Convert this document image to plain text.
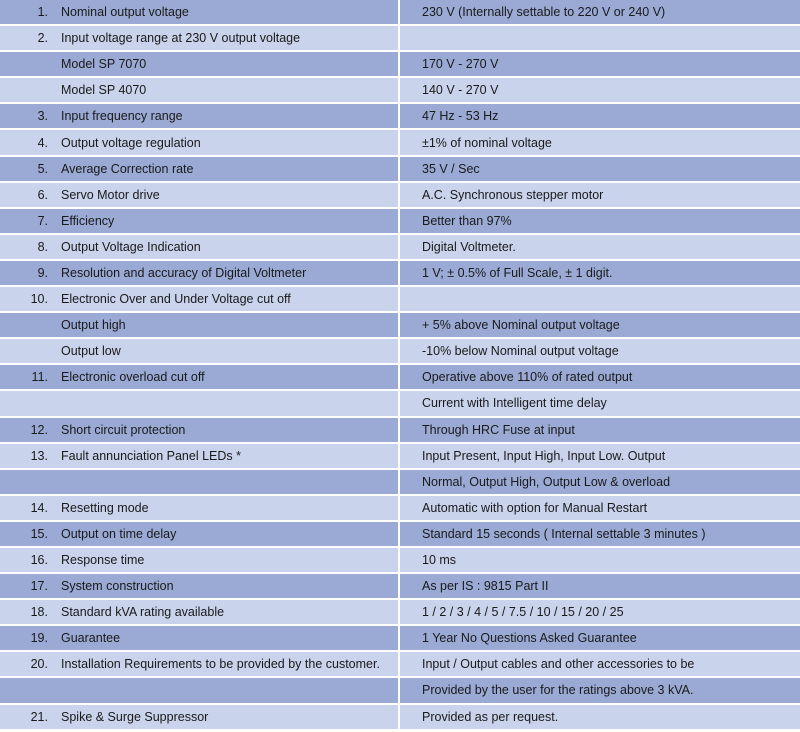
1.	Nominal output voltage	230 V (Internally settable to 220 V or 240 V)
2.	Input voltage range at 230 V output voltage
Model SP 7070	170 V - 270 V
Model SP 4070	140 V - 270 V
3.	Input frequency range	47 Hz - 53 Hz
4.	Output voltage regulation	±1% of nominal voltage
5.	Average Correction rate	35 V / Sec
6.	Servo Motor drive	A.C. Synchronous stepper motor
7.	Efficiency	Better than 97%
8.	Output Voltage Indication	Digital Voltmeter.
9.	Resolution and accuracy of Digital Voltmeter	1 V; ± 0.5% of Full Scale, ± 1 digit.
10.	Electronic Over and Under Voltage cut off
Output high	+ 5% above Nominal output voltage
Output low	-10% below Nominal output voltage
11.	Electronic overload cut off	Operative above 110% of rated output
Current with Intelligent time delay
12.	Short circuit protection	Through HRC Fuse at input
13.	Fault annunciation Panel LEDs *	Input Present, Input High, Input Low. Output
Normal, Output High, Output Low & overload
14.	Resetting mode	Automatic with option for Manual Restart
15.	Output on time delay	Standard 15 seconds ( Internal settable 3 minutes )
16.	Response time	10 ms
17.	System construction	As per IS : 9815 Part II
18.	Standard kVA rating available	1 / 2 / 3 / 4 / 5 / 7.5 / 10 / 15 / 20 / 25
19.	Guarantee	1 Year No Questions Asked Guarantee
20.	Installation Requirements to be provided by the customer.	Input / Output cables and other accessories to be
Provided by the user for the ratings above 3 kVA.
21.	Spike & Surge Suppressor	Provided as per request.
